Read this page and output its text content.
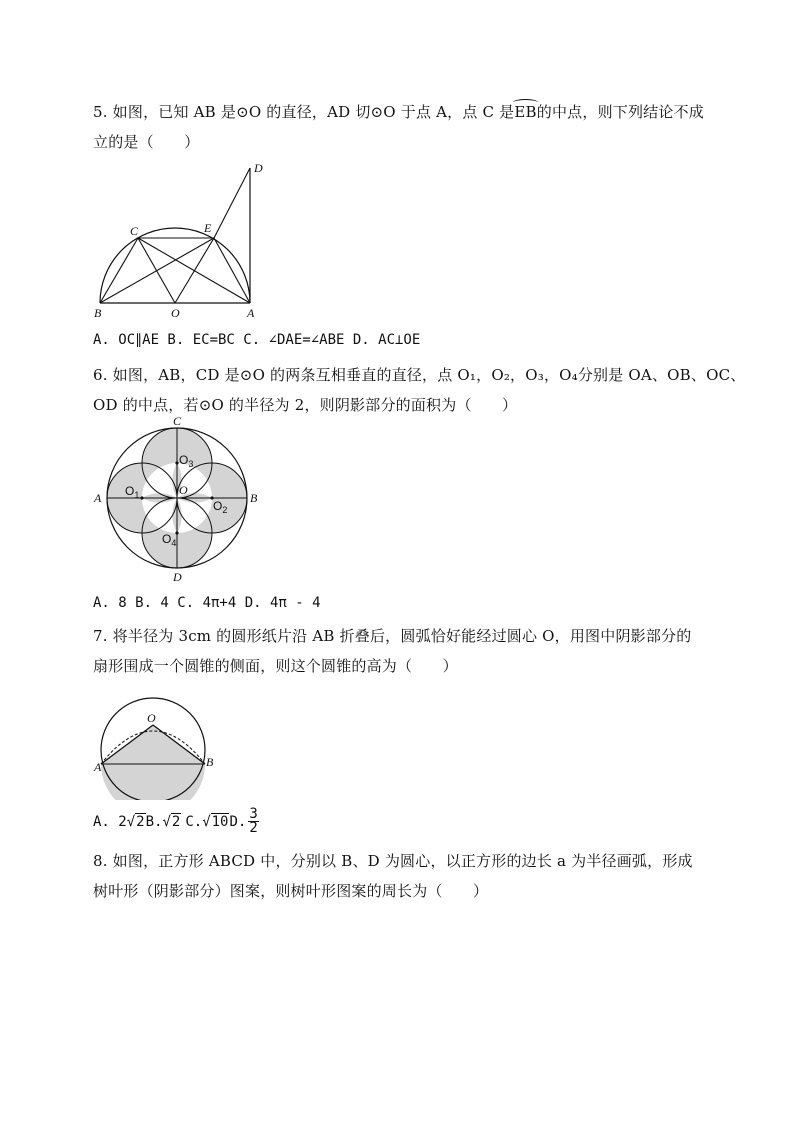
5. 如图，已知 AB 是⊙O 的直径，AD 切⊙O 于点 A，点 C 是EB的中点，则下列结论不成
立的是（　　）
D
C	E
B	O	A
A. OC∥AE B. EC=BC C. ∠DAE=∠ABE D. AC⊥OE
6. 如图，AB，CD 是⊙O 的两条互相垂直的直径，点 O₁，O₂，O₃，O₄分别是 OA、OB、OC、
OD 的中点，若⊙O 的半径为 2，则阴影部分的面积为（　　）
C
D
A	B
O
$O_1$
$O_2$
$O_3$
$O_4$
A. 8 B. 4 C. 4π+4 D. 4π - 4
7. 将半径为 3cm 的圆形纸片沿 AB 折叠后，圆弧恰好能经过圆心 O，用图中阴影部分的
扇形围成一个圆锥的侧面，则这个圆锥的高为（　　）
O
A	B
A. 2 √2 B. √2 C. √10 D. $\frac{3}{2}$
8. 如图，正方形 ABCD 中，分别以 B、D 为圆心，以正方形的边长 a 为半径画弧，形成
树叶形（阴影部分）图案，则树叶形图案的周长为（　　）
